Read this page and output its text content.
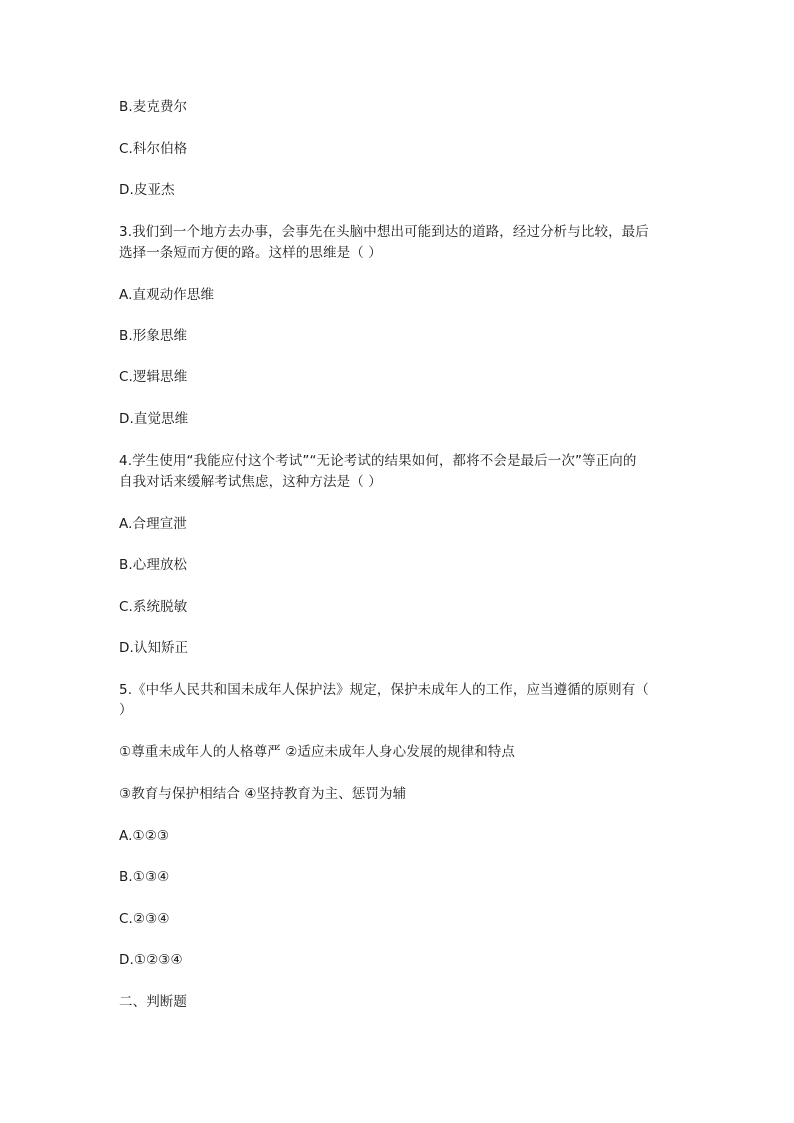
B.麦克费尔
C.科尔伯格
D.皮亚杰
3.我们到一个地方去办事，会事先在头脑中想出可能到达的道路，经过分析与比较，最后
选择一条短而方便的路。这样的思维是（ ）
A.直观动作思维
B.形象思维
C.逻辑思维
D.直觉思维
4.学生使用“我能应付这个考试”“无论考试的结果如何，都将不会是最后一次”等正向的
自我对话来缓解考试焦虑，这种方法是（ ）
A.合理宣泄
B.心理放松
C.系统脱敏
D.认知矫正
5.《中华人民共和国未成年人保护法》规定，保护未成年人的工作，应当遵循的原则有（
）
①尊重未成年人的人格尊严 ②适应未成年人身心发展的规律和特点
③教育与保护相结合 ④坚持教育为主、惩罚为辅
A.①②③
B.①③④
C.②③④
D.①②③④
二、判断题
